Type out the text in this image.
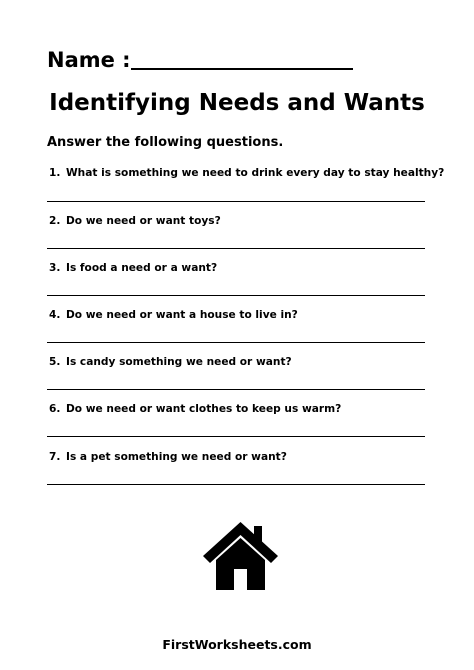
Name :
Identifying Needs and Wants
Answer the following questions.
1. What is something we need to drink every day to stay healthy?
2. Do we need or want toys?
3. Is food a need or a want?
4. Do we need or want a house to live in?
5. Is candy something we need or want?
6. Do we need or want clothes to keep us warm?
7. Is a pet something we need or want?
FirstWorksheets.com
